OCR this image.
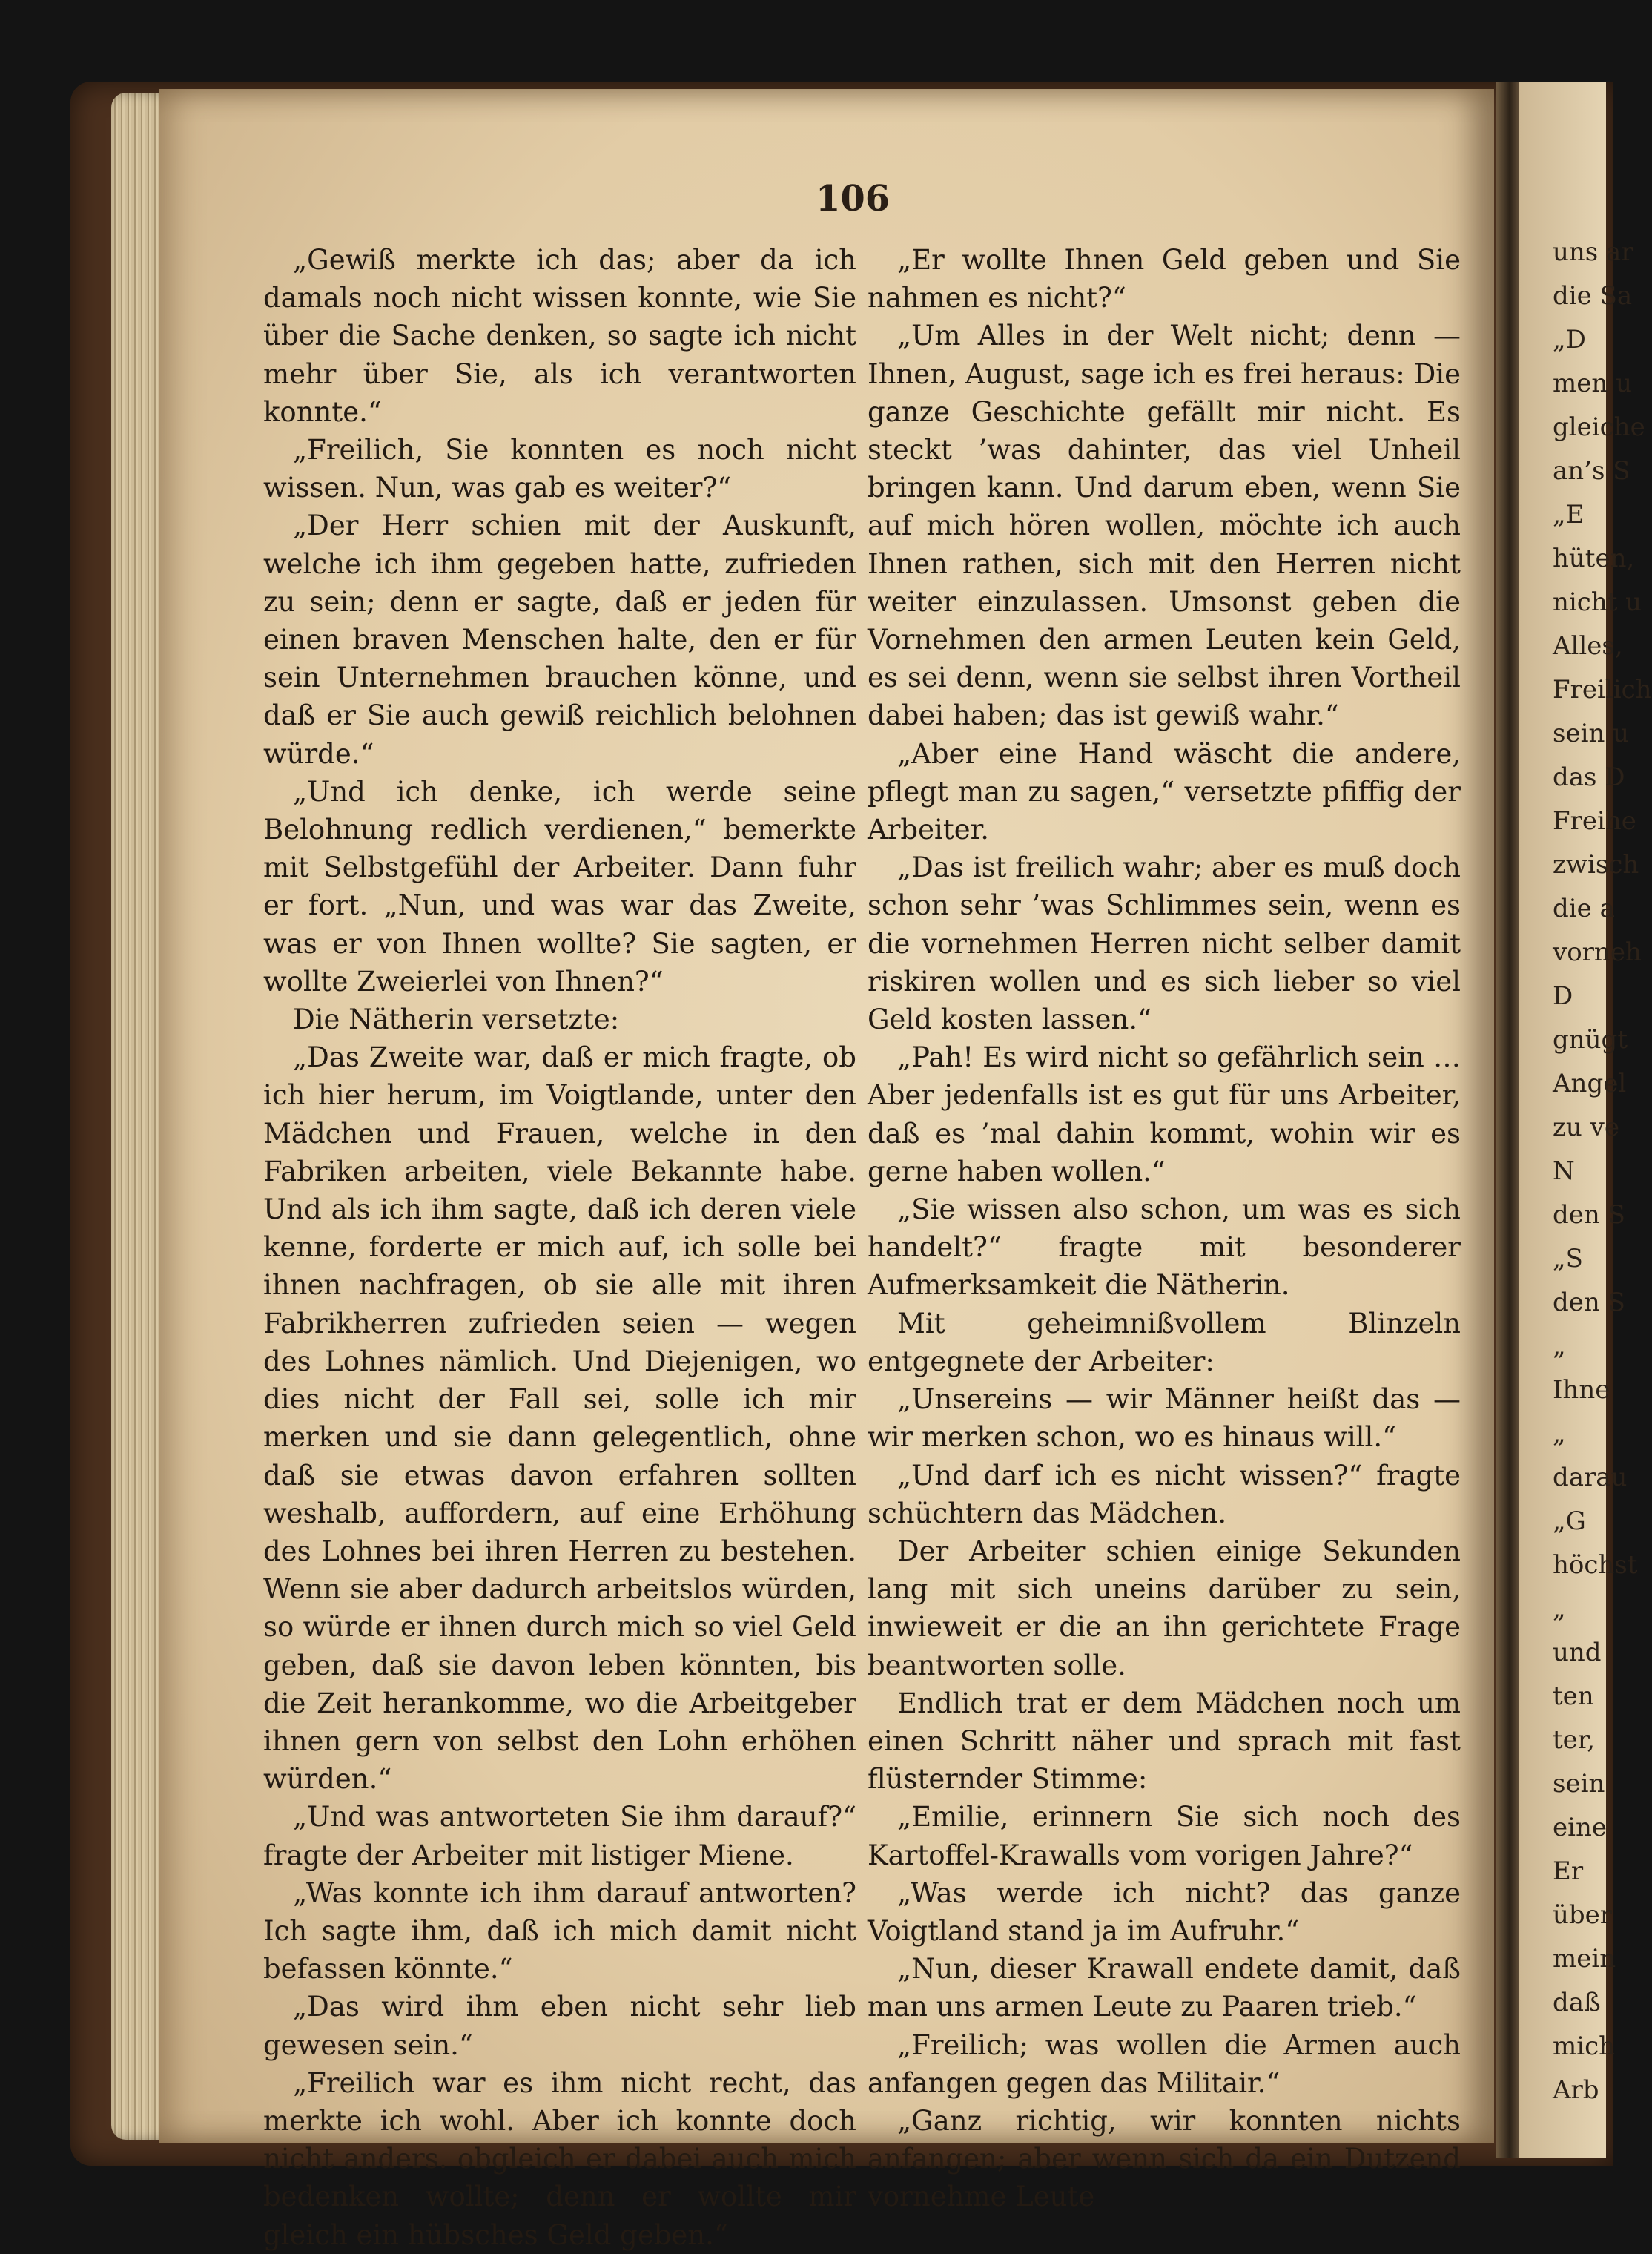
uns ar
die Sa
„D
men u
gleiche
an’s S
„E
hüten,
nicht u
Alles,
Freilich
sein u
das D
Freihe
zwisch
die a
vorneh
D
gnügt
Angel
zu ve
N
den S
„S
den S
„
Ihne
„
darau
„G
höchst
„
und
ten
ter,
sein
eine
Er
über
mein
daß
mich
Arb
106

„Gewiß merkte ich das; aber da ich damals noch nicht wissen konnte, wie Sie über die Sache denken, so sagte ich nicht mehr über Sie, als ich verantworten konnte.“

„Freilich, Sie konnten es noch nicht wissen. Nun, was gab es weiter?“

„Der Herr schien mit der Auskunft, welche ich ihm gegeben hatte, zufrieden zu sein; denn er sagte, daß er jeden für einen braven Menschen halte, den er für sein Unternehmen brauchen könne, und daß er Sie auch gewiß reichlich belohnen würde.“

„Und ich denke, ich werde seine Belohnung redlich verdienen,“ bemerkte mit Selbstgefühl der Arbeiter. Dann fuhr er fort. „Nun, und was war das Zweite, was er von Ihnen wollte? Sie sagten, er wollte Zweierlei von Ihnen?“

Die Nätherin versetzte:

„Das Zweite war, daß er mich fragte, ob ich hier herum, im Voigtlande, unter den Mädchen und Frauen, welche in den Fabriken arbeiten, viele Bekannte habe. Und als ich ihm sagte, daß ich deren viele kenne, forderte er mich auf, ich solle bei ihnen nachfragen, ob sie alle mit ihren Fabrikherren zufrieden seien — wegen des Lohnes nämlich. Und Diejenigen, wo dies nicht der Fall sei, solle ich mir merken und sie dann gelegentlich, ohne daß sie etwas davon erfahren sollten weshalb, auffordern, auf eine Erhöhung des Lohnes bei ihren Herren zu bestehen. Wenn sie aber dadurch arbeitslos würden, so würde er ihnen durch mich so viel Geld geben, daß sie davon leben könnten, bis die Zeit herankomme, wo die Arbeitgeber ihnen gern von selbst den Lohn erhöhen würden.“

„Und was antworteten Sie ihm darauf?“ fragte der Arbeiter mit listiger Miene.

„Was konnte ich ihm darauf antworten? Ich sagte ihm, daß ich mich damit nicht befassen könnte.“

„Das wird ihm eben nicht sehr lieb gewesen sein.“

„Freilich war es ihm nicht recht, das merkte ich wohl. Aber ich konnte doch nicht anders. obgleich er dabei auch mich bedenken wollte; denn er wollte mir gleich ein hübsches Geld geben.“

„Er wollte Ihnen Geld geben und Sie nahmen es nicht?“

„Um Alles in der Welt nicht; denn — Ihnen, August, sage ich es frei heraus: Die ganze Geschichte gefällt mir nicht. Es steckt ’was dahinter, das viel Unheil bringen kann. Und darum eben, wenn Sie auf mich hören wollen, möchte ich auch Ihnen rathen, sich mit den Herren nicht weiter einzulassen. Umsonst geben die Vornehmen den armen Leuten kein Geld, es sei denn, wenn sie selbst ihren Vortheil dabei haben; das ist gewiß wahr.“

„Aber eine Hand wäscht die andere, pflegt man zu sagen,“ versetzte pfiffig der Arbeiter.

„Das ist freilich wahr; aber es muß doch schon sehr ’was Schlimmes sein, wenn es die vornehmen Herren nicht selber damit riskiren wollen und es sich lieber so viel Geld kosten lassen.“

„Pah! Es wird nicht so gefährlich sein … Aber jedenfalls ist es gut für uns Arbeiter, daß es ’mal dahin kommt, wohin wir es gerne haben wollen.“

„Sie wissen also schon, um was es sich handelt?“ fragte mit besonderer Aufmerksamkeit die Nätherin.

Mit geheimnißvollem Blinzeln entgegnete der Arbeiter:

„Unsereins — wir Männer heißt das — wir merken schon, wo es hinaus will.“

„Und darf ich es nicht wissen?“ fragte schüchtern das Mädchen.

Der Arbeiter schien einige Sekunden lang mit sich uneins darüber zu sein, inwieweit er die an ihn gerichtete Frage beantworten solle.

Endlich trat er dem Mädchen noch um einen Schritt näher und sprach mit fast flüsternder Stimme:

„Emilie, erinnern Sie sich noch des Kartoffel-Krawalls vom vorigen Jahre?“

„Was werde ich nicht? das ganze Voigtland stand ja im Aufruhr.“

„Nun, dieser Krawall endete damit, daß man uns armen Leute zu Paaren trieb.“

„Freilich; was wollen die Armen auch anfangen gegen das Militair.“

„Ganz richtig, wir konnten nichts anfangen; aber wenn sich da ein Dutzend vornehme Leute
